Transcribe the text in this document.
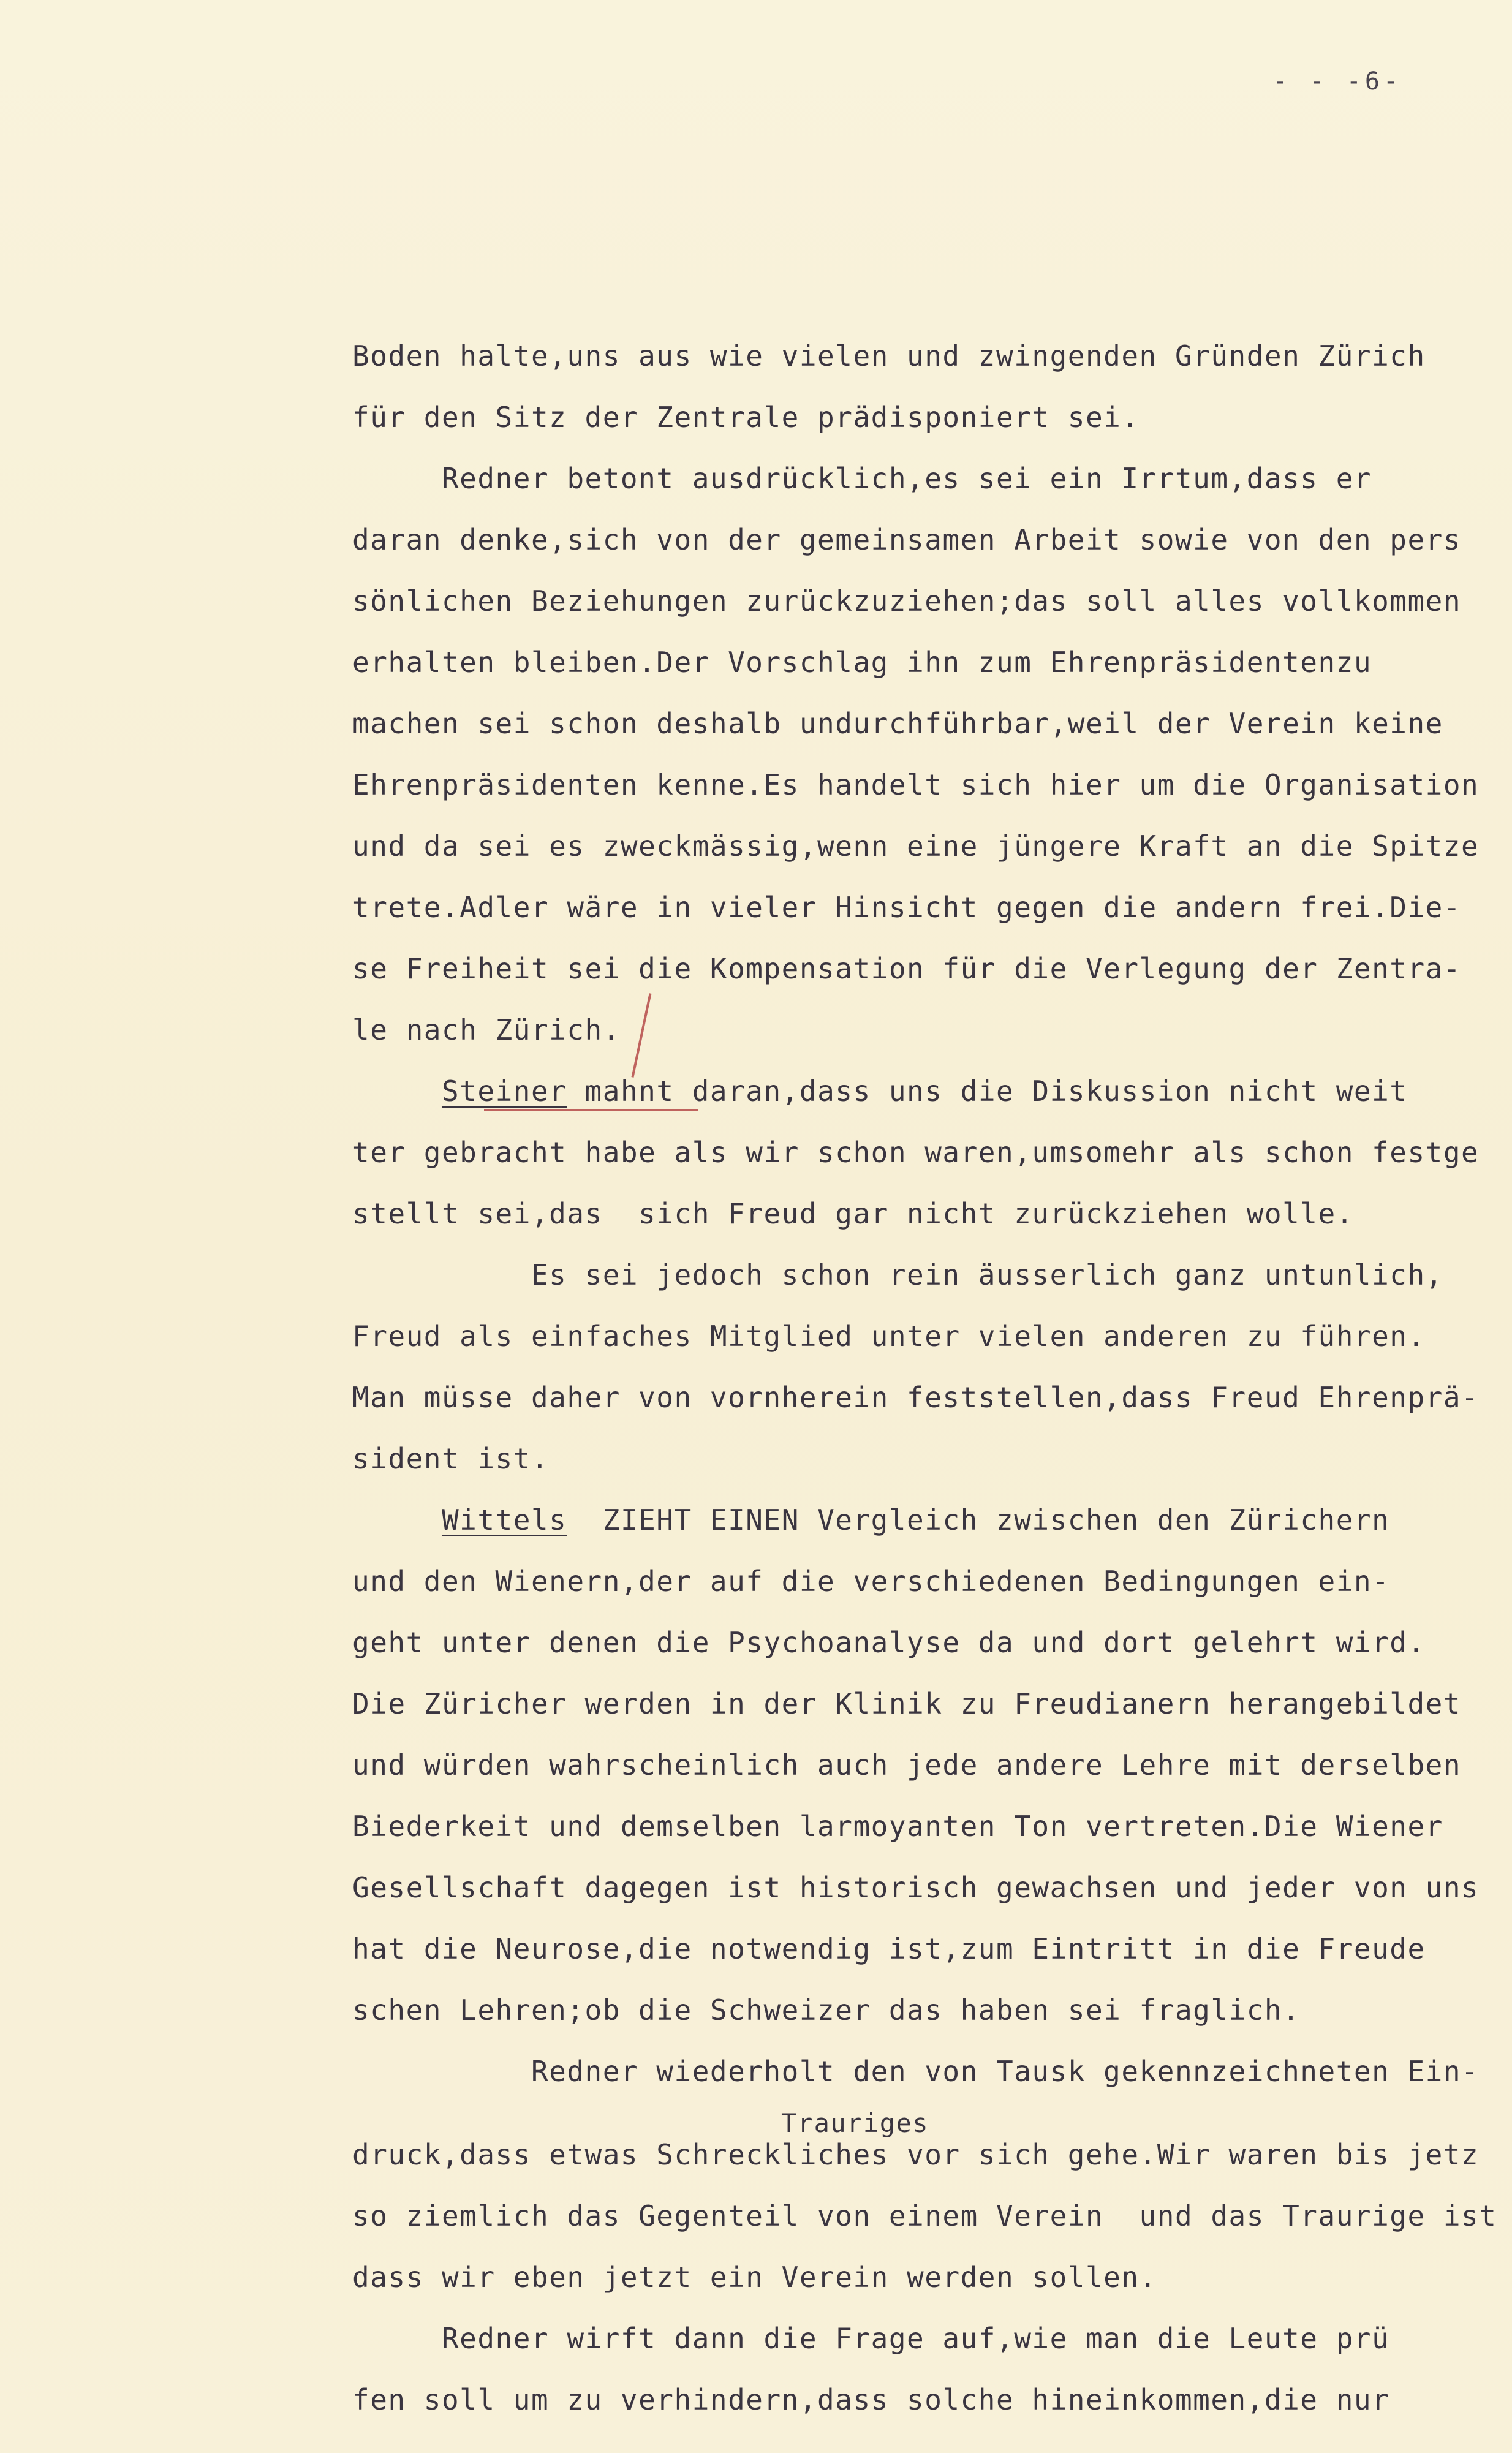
- - -6-
Boden halte,uns aus wie vielen und zwingenden Gründen Zürich
für den Sitz der Zentrale prädisponiert sei.
Redner betont ausdrücklich,es sei ein Irrtum,dass er
daran denke,sich von der gemeinsamen Arbeit sowie von den pers
sönlichen Beziehungen zurückzuziehen;das soll alles vollkommen
erhalten bleiben.Der Vorschlag ihn zum Ehrenpräsidentenzu
machen sei schon deshalb undurchführbar,weil der Verein keine
Ehrenpräsidenten kenne.Es handelt sich hier um die Organisation
und da sei es zweckmässig,wenn eine jüngere Kraft an die Spitze
trete.Adler wäre in vieler Hinsicht gegen die andern frei.Die-
se Freiheit sei die Kompensation für die Verlegung der Zentra-
le nach Zürich.
Steiner mahnt daran,dass uns die Diskussion nicht weit
ter gebracht habe als wir schon waren,umsomehr als schon festge
stellt sei,das  sich Freud gar nicht zurückziehen wolle.
Es sei jedoch schon rein äusserlich ganz untunlich,
Freud als einfaches Mitglied unter vielen anderen zu führen.
Man müsse daher von vornherein feststellen,dass Freud Ehrenprä-
sident ist.
Wittels  ZIEHT EINEN Vergleich zwischen den Zürichern
und den Wienern,der auf die verschiedenen Bedingungen ein-
geht unter denen die Psychoanalyse da und dort gelehrt wird.
Die Züricher werden in der Klinik zu Freudianern herangebildet
und würden wahrscheinlich auch jede andere Lehre mit derselben
Biederkeit und demselben larmoyanten Ton vertreten.Die Wiener
Gesellschaft dagegen ist historisch gewachsen und jeder von uns
hat die Neurose,die notwendig ist,zum Eintritt in die Freude
schen Lehren;ob die Schweizer das haben sei fraglich.
Redner wiederholt den von Tausk gekennzeichneten Ein-
Trauriges
druck,dass etwas Schreckliches vor sich gehe.Wir waren bis jetz
so ziemlich das Gegenteil von einem Verein  und das Traurige ist
dass wir eben jetzt ein Verein werden sollen.
Redner wirft dann die Frage auf,wie man die Leute prü
fen soll um zu verhindern,dass solche hineinkommen,die nur
